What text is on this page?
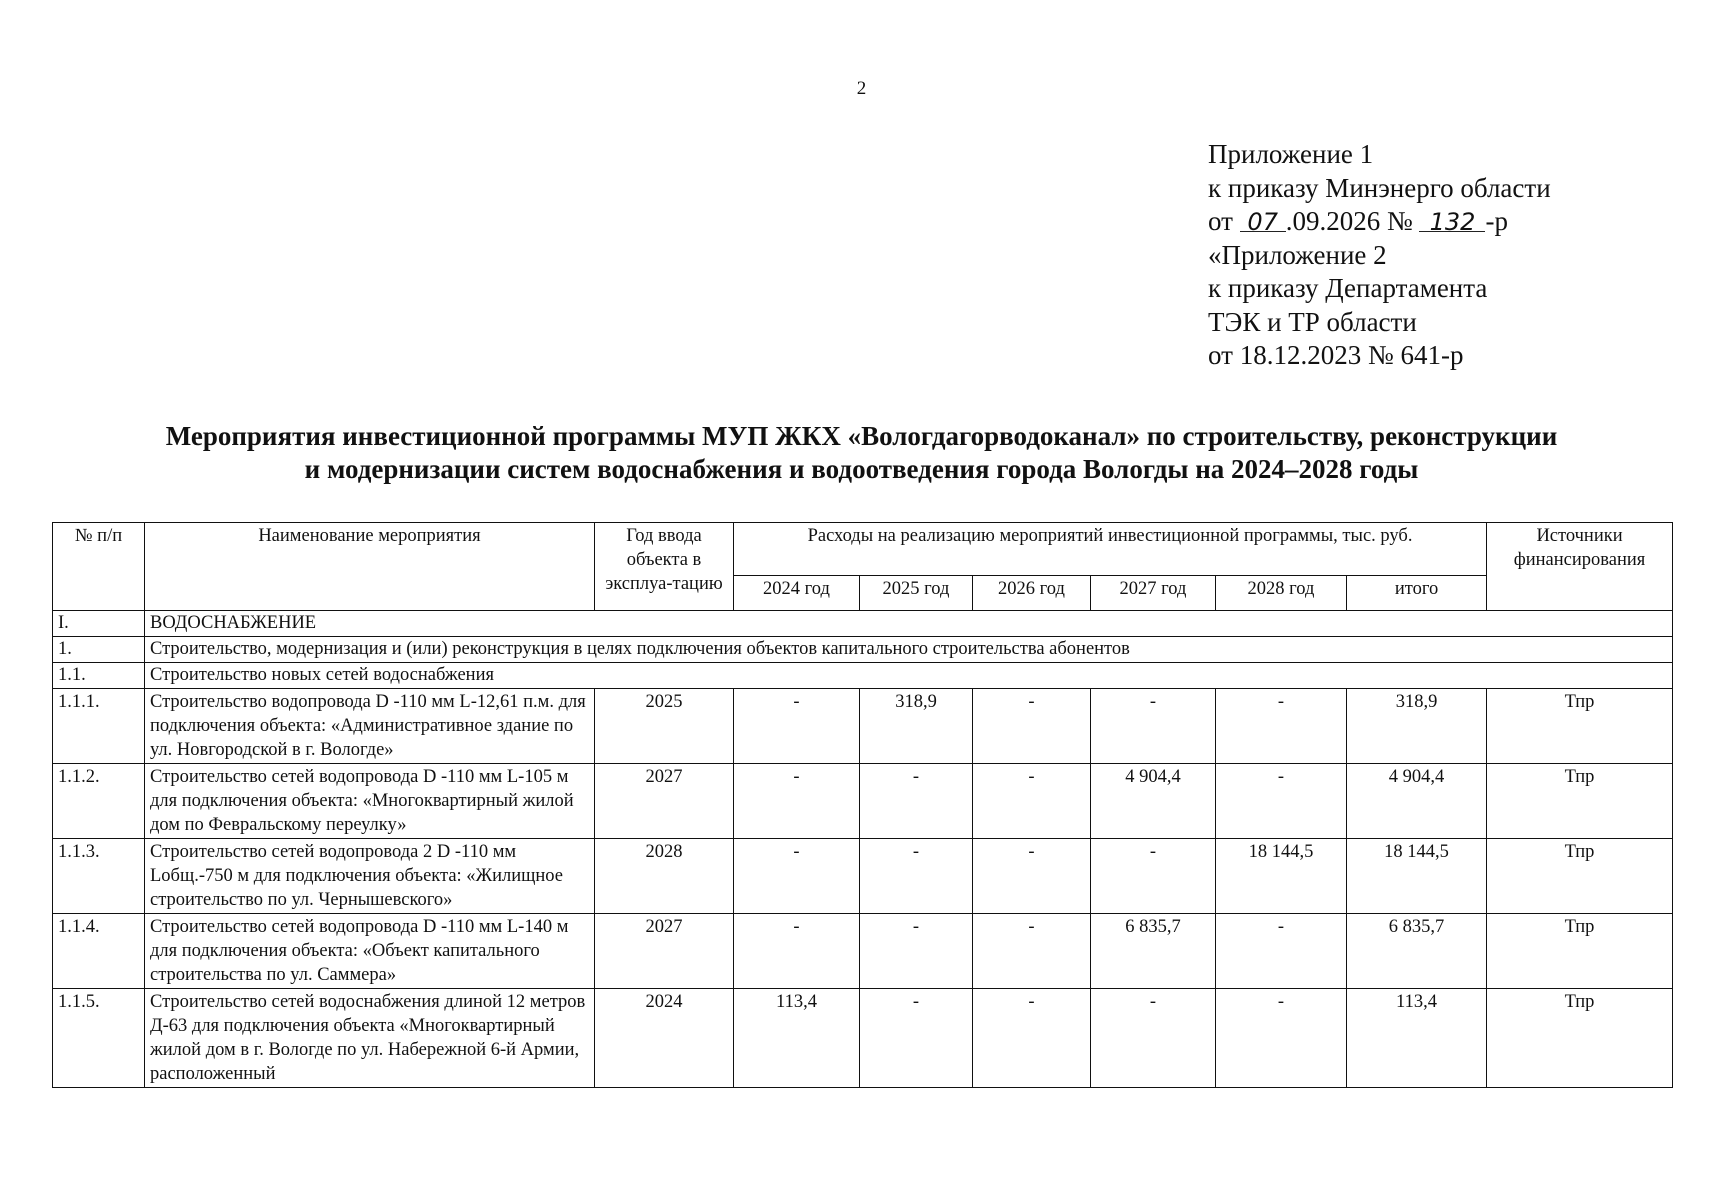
2
Приложение 1
к приказу Минэнерго области
от 07 .09.2026 № 132 -р
«Приложение 2
к приказу Департамента
ТЭК и ТР области
от 18.12.2023 № 641-р
Мероприятия инвестиционной программы МУП ЖКХ «Вологдагорводоканал» по строительству, реконструкции
и модернизации систем водоснабжения и водоотведения города Вологды на 2024–2028 годы
№ п/п	Наименование мероприятия	Год ввода объекта в эксплуа-тацию	Расходы на реализацию мероприятий инвестиционной программы, тыс. руб.						Источники финансирования
			2024 год	2025 год	2026 год	2027 год	2028 год	итого	
I.	ВОДОСНАБЖЕНИЕ								
1.	Строительство, модернизация и (или) реконструкция в целях подключения объектов капитального строительства абонентов								
1.1.	Строительство новых сетей водоснабжения								
1.1.1.	Строительство водопровода D -110 мм L-12,61 п.м. для подключения объекта: «Административное здание по ул. Новгородской в г. Вологде»	2025	-	318,9	-	-	-	318,9	Тпр
1.1.2.	Строительство сетей водопровода D -110 мм L-105 м для подключения объекта: «Многоквартирный жилой дом по Февральскому переулку»	2027	-	-	-	4 904,4	-	4 904,4	Тпр
1.1.3.	Строительство сетей водопровода 2 D -110 мм Lобщ.-750 м для подключения объекта: «Жилищное строительство по ул. Чернышевского»	2028	-	-	-	-	18 144,5	18 144,5	Тпр
1.1.4.	Строительство сетей водопровода D -110 мм L-140 м для подключения объекта: «Объект капитального строительства по ул. Саммера»	2027	-	-	-	6 835,7	-	6 835,7	Тпр
1.1.5.	Строительство сетей водоснабжения длиной 12 метров Д-63 для подключения объекта «Многоквартирный жилой дом в г. Вологде по ул. Набережной 6-й Армии, расположенный	2024	113,4	-	-	-	-	113,4	Тпр
